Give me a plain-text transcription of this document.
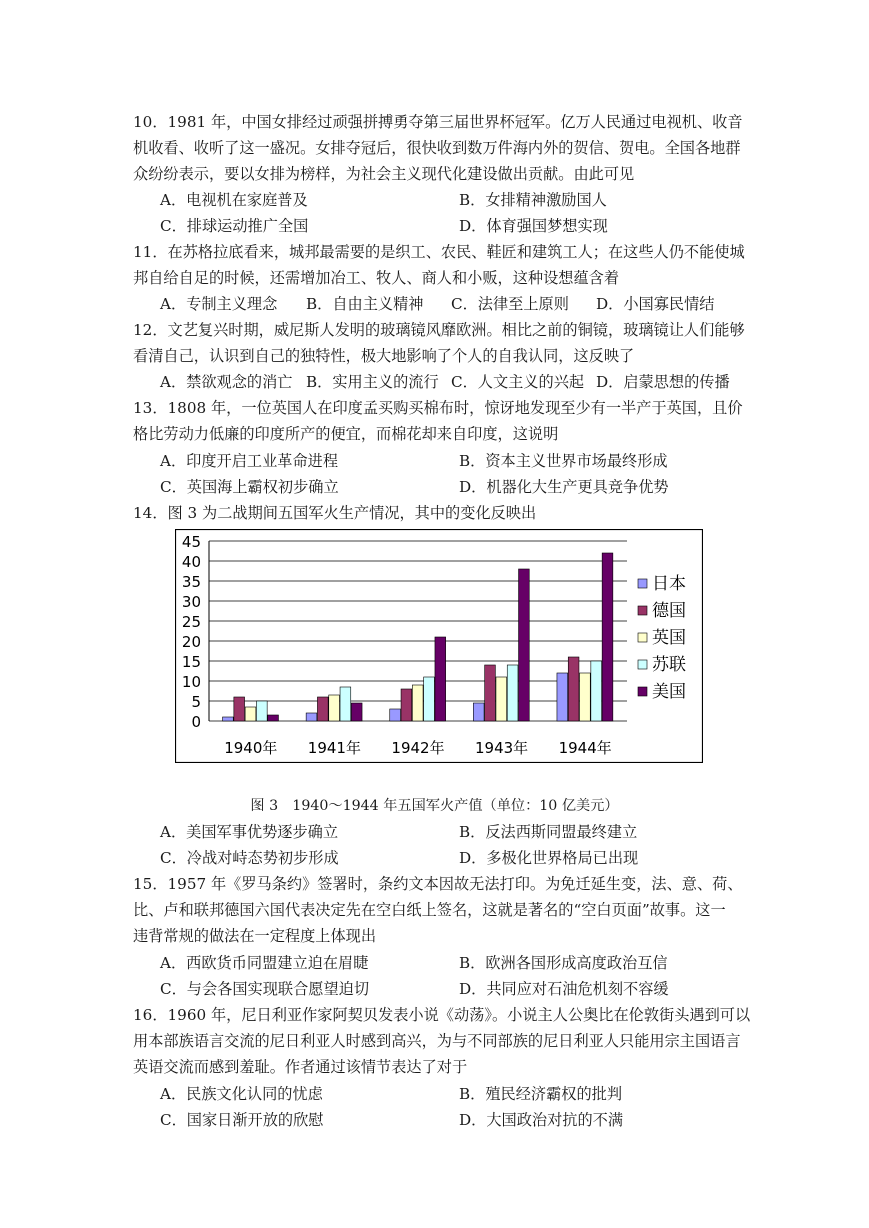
10．1981 年，中国女排经过顽强拼搏勇夺第三届世界杯冠军。亿万人民通过电视机、收音
机收看、收听了这一盛况。女排夺冠后，很快收到数万件海内外的贺信、贺电。全国各地群
众纷纷表示，要以女排为榜样，为社会主义现代化建设做出贡献。由此可见
A．电视机在家庭普及	B．女排精神激励国人
C．排球运动推广全国	D．体育强国梦想实现
11．在苏格拉底看来，城邦最需要的是织工、农民、鞋匠和建筑工人；在这些人仍不能使城
邦自给自足的时候，还需增加冶工、牧人、商人和小贩，这种设想蕴含着
A．专制主义理念 B．自由主义精神 C．法律至上原则 D．小国寡民情结
12．文艺复兴时期，威尼斯人发明的玻璃镜风靡欧洲。相比之前的铜镜，玻璃镜让人们能够
看清自己，认识到自己的独特性，极大地影响了个人的自我认同，这反映了
A．禁欲观念的消亡 B．实用主义的流行 C．人文主义的兴起 D．启蒙思想的传播
13．1808 年，一位英国人在印度孟买购买棉布时，惊讶地发现至少有一半产于英国，且价
格比劳动力低廉的印度所产的便宜，而棉花却来自印度，这说明
A．印度开启工业革命进程	B．资本主义世界市场最终形成
C．英国海上霸权初步确立	D．机器化大生产更具竞争优势
14．图 3 为二战期间五国军火生产情况，其中的变化反映出
0
5
10
15
20
25
30
35
40
45
1940年 1941年 1942年 1943年 1944年
日本
德国
英国
苏联
美国
图 3　1940～1944 年五国军火产值（单位：10 亿美元）
A．美国军事优势逐步确立	B．反法西斯同盟最终建立
C．冷战对峙态势初步形成	D．多极化世界格局已出现
15．1957 年《罗马条约》签署时，条约文本因故无法打印。为免迁延生变，法、意、荷、
比、卢和联邦德国六国代表决定先在空白纸上签名，这就是著名的“空白页面”故事。这一
违背常规的做法在一定程度上体现出
A．西欧货币同盟建立迫在眉睫	B．欧洲各国形成高度政治互信
C．与会各国实现联合愿望迫切	D．共同应对石油危机刻不容缓
16．1960 年，尼日利亚作家阿契贝发表小说《动荡》。小说主人公奥比在伦敦街头遇到可以
用本部族语言交流的尼日利亚人时感到高兴，为与不同部族的尼日利亚人只能用宗主国语言
英语交流而感到羞耻。作者通过该情节表达了对于
A．民族文化认同的忧虑	B．殖民经济霸权的批判
C．国家日渐开放的欣慰	D．大国政治对抗的不满
